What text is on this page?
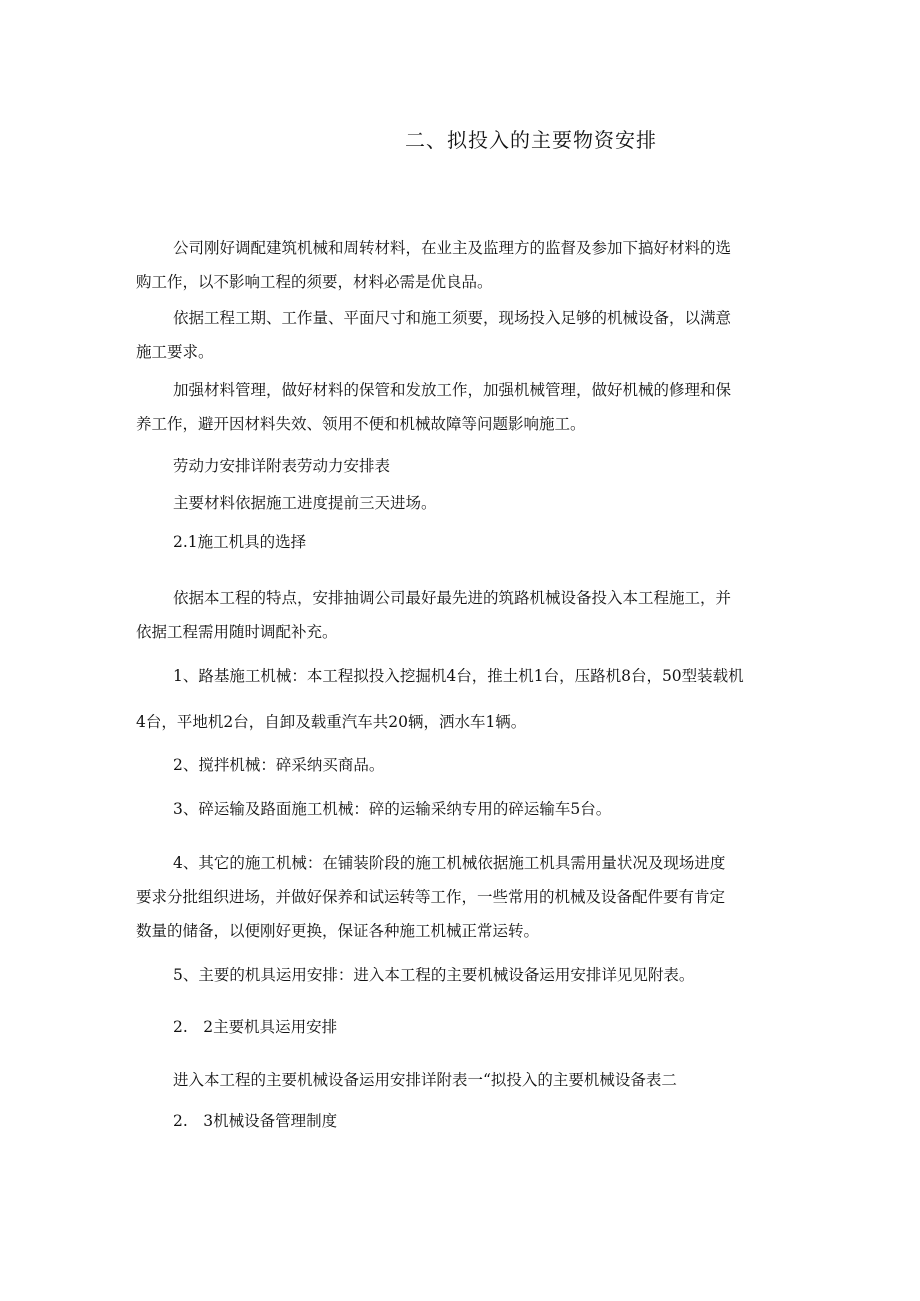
二、拟投入的主要物资安排
公司刚好调配建筑机械和周转材料，在业主及监理方的监督及参加下搞好材料的选
购工作，以不影响工程的须要，材料必需是优良品。
依据工程工期、工作量、平面尺寸和施工须要，现场投入足够的机械设备，以满意
施工要求。
加强材料管理，做好材料的保管和发放工作，加强机械管理，做好机械的修理和保
养工作，避开因材料失效、领用不便和机械故障等问题影响施工。
劳动力安排详附表劳动力安排表
主要材料依据施工进度提前三天进场。
2.1施工机具的选择
依据本工程的特点，安排抽调公司最好最先进的筑路机械设备投入本工程施工，并
依据工程需用随时调配补充。
1、路基施工机械：本工程拟投入挖掘机4台，推土机1台，压路机8台，50型装载机
4台，平地机2台，自卸及载重汽车共20辆，洒水车1辆。
2、搅拌机械：碎采纳买商品。
3、碎运输及路面施工机械：碎的运输采纳专用的碎运输车5台。
4、其它的施工机械：在铺装阶段的施工机械依据施工机具需用量状况及现场进度
要求分批组织进场，并做好保养和试运转等工作，一些常用的机械及设备配件要有肯定
数量的储备，以便刚好更换，保证各种施工机械正常运转。
5、主要的机具运用安排：进入本工程的主要机械设备运用安排详见见附表。
2.　2主要机具运用安排
进入本工程的主要机械设备运用安排详附表一“拟投入的主要机械设备表二
2.　3机械设备管理制度
